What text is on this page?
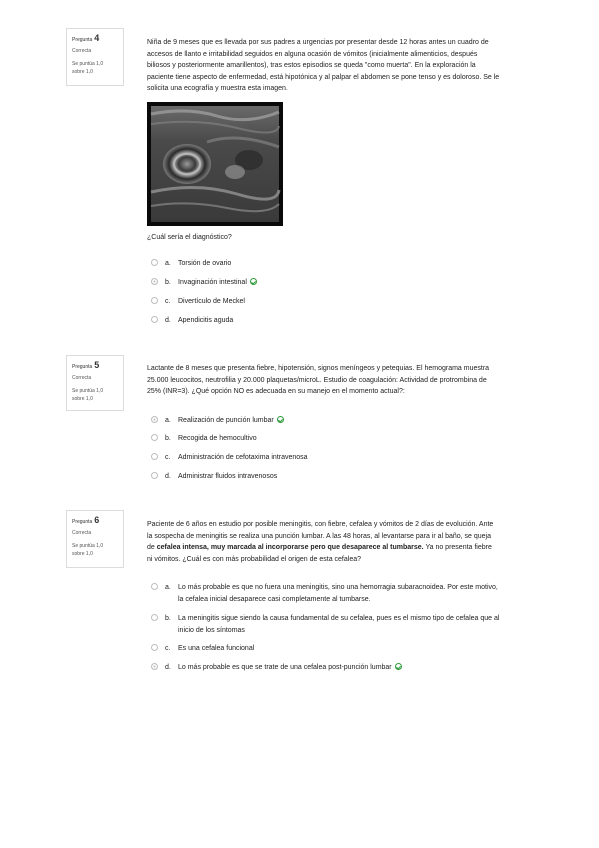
Pregunta 4
Correcta
Se puntúa 1,0
sobre 1,0

Niña de 9 meses que es llevada por sus padres a urgencias por presentar desde 12 horas antes un cuadro de

accesos de llanto e irritabilidad seguidos en alguna ocasión de vómitos (inicialmente alimenticios, después

biliosos y posteriormente amarillentos), tras estos episodios se queda "como muerta". En la exploración la

paciente tiene aspecto de enfermedad, está hipotónica y al palpar el abdomen se pone tenso y es doloroso. Se le

solicita una ecografía y muestra esta imagen.

¿Cuál sería el diagnóstico?
a. Torsión de ovario
b. Invaginación intestinal
c. Divertículo de Meckel
d. Apendicitis aguda
Pregunta 5
Correcta
Se puntúa 1,0
sobre 1,0

Lactante de 8 meses que presenta fiebre, hipotensión, signos meníngeos y petequias. El hemograma muestra

25.000 leucocitos, neutrofilia y 20.000 plaquetas/microL. Estudio de coagulación: Actividad de protrombina de

25% (INR=3). ¿Qué opción NO es adecuada en su manejo en el momento actual?:

a. Realización de punción lumbar
b. Recogida de hemocultivo
c. Administración de cefotaxima intravenosa
d. Administrar fluidos intravenosos
Pregunta 6
Correcta
Se puntúa 1,0
sobre 1,0

Paciente de 6 años en estudio por posible meningitis, con fiebre, cefalea y vómitos de 2 días de evolución. Ante

la sospecha de meningitis se realiza una punción lumbar. A las 48 horas, al levantarse para ir al baño, se queja

de cefalea intensa, muy marcada al incorporarse pero que desaparece al tumbarse. Ya no presenta fiebre

ni vómitos. ¿Cuál es con más probabilidad el origen de esta cefalea?

a. Lo más probable es que no fuera una meningitis, sino una hemorragia subaracnoidea. Por este motivo,
la cefalea inicial desaparece casi completamente al tumbarse.
b. La meningitis sigue siendo la causa fundamental de su cefalea, pues es el mismo tipo de cefalea que al
inicio de los síntomas
c. Es una cefalea funcional
d. Lo más probable es que se trate de una cefalea post-punción lumbar
